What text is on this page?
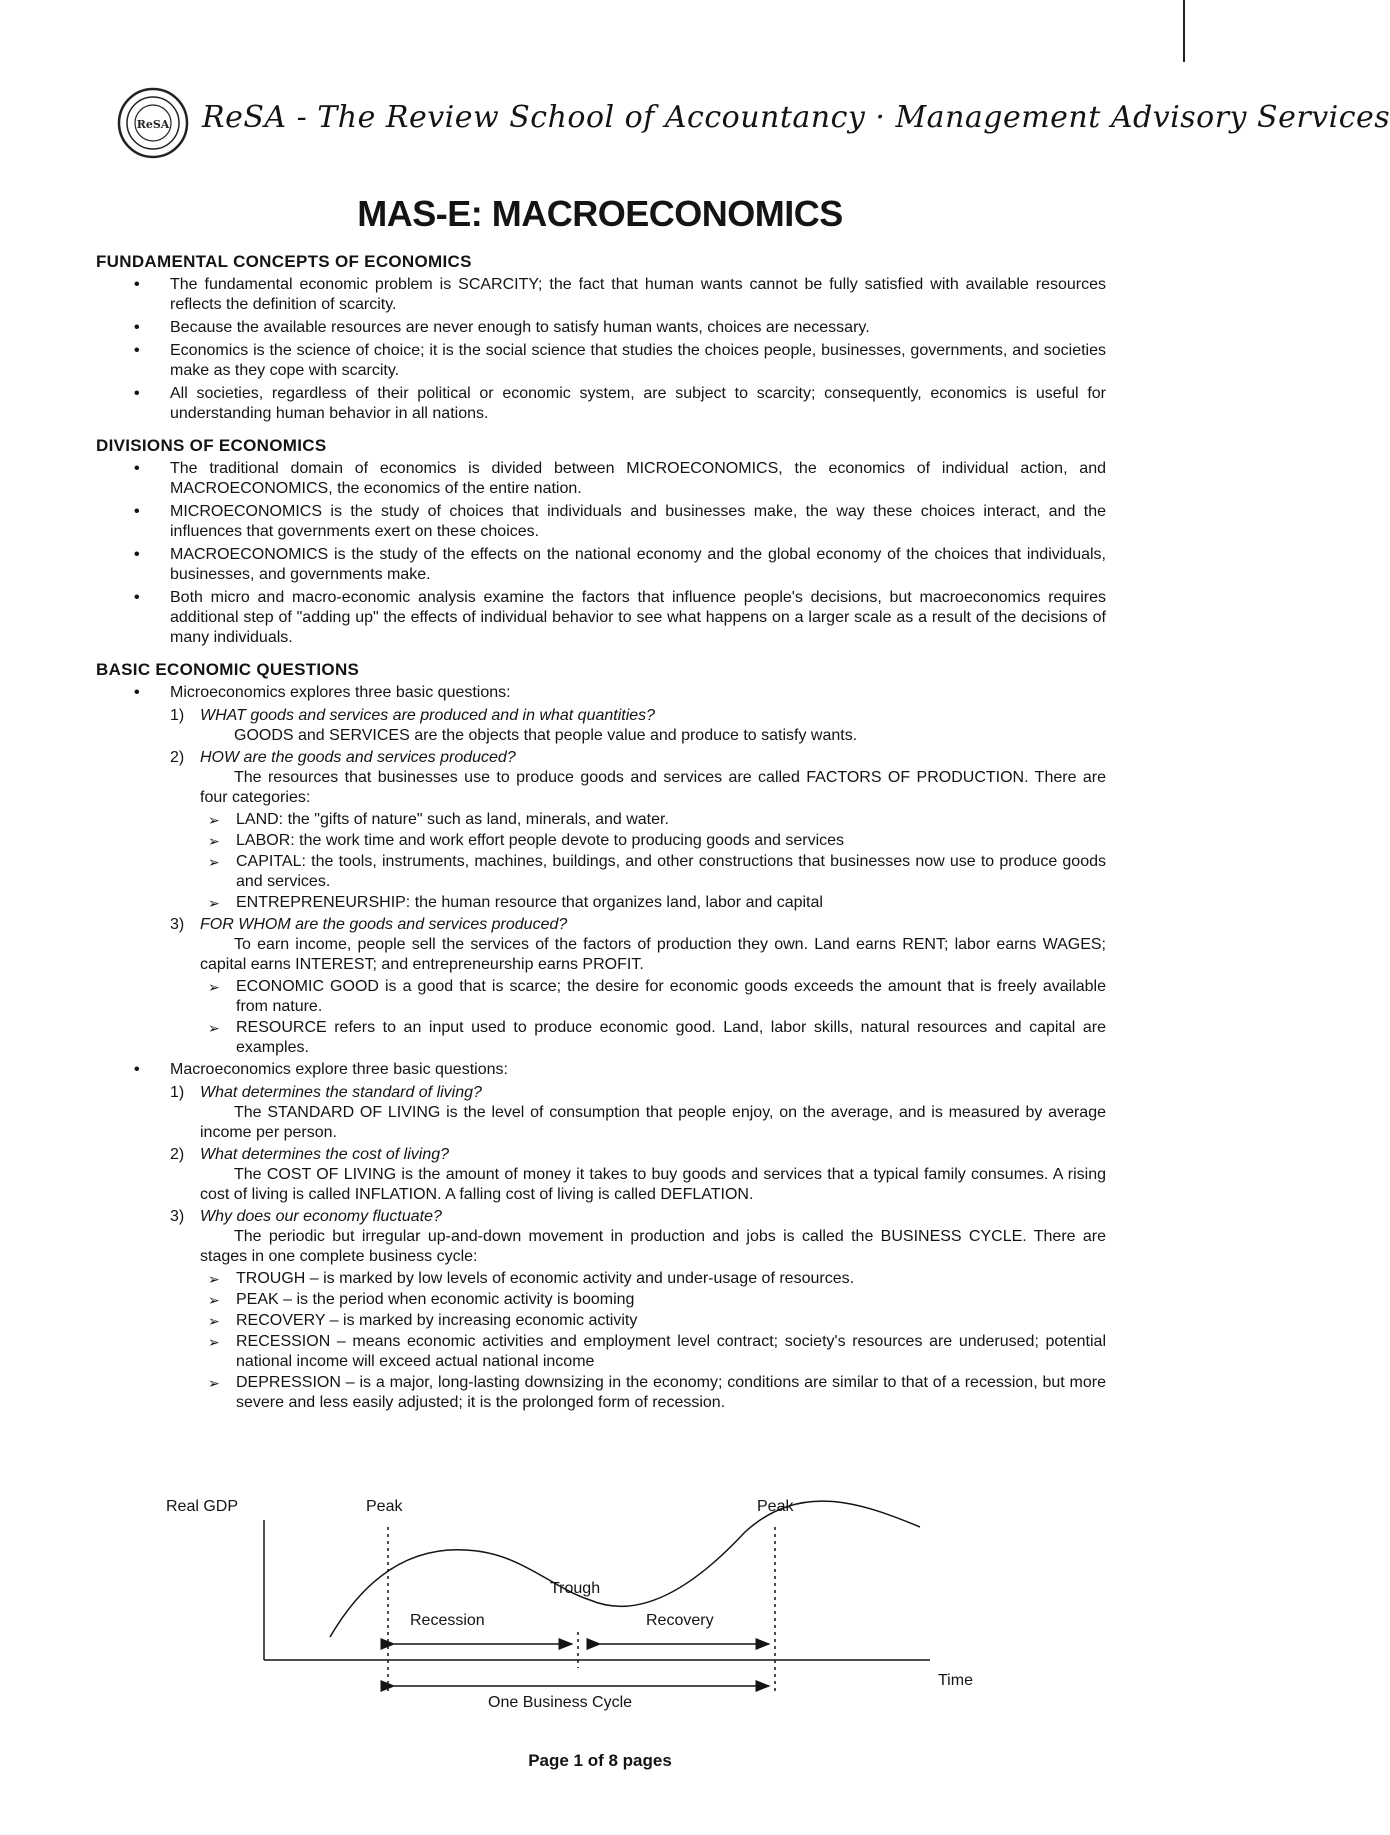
ReSA ReSA - The Review School of Accountancy · Management Advisory Services
MAS-E: MACROECONOMICS
FUNDAMENTAL CONCEPTS OF ECONOMICS
• The fundamental economic problem is SCARCITY; the fact that human wants cannot be fully satisfied with available resources reflects the definition of scarcity.
• Because the available resources are never enough to satisfy human wants, choices are necessary.
• Economics is the science of choice; it is the social science that studies the choices people, businesses, governments, and societies make as they cope with scarcity.
• All societies, regardless of their political or economic system, are subject to scarcity; consequently, economics is useful for understanding human behavior in all nations.
DIVISIONS OF ECONOMICS
• The traditional domain of economics is divided between MICROECONOMICS, the economics of individual action, and MACROECONOMICS, the economics of the entire nation.
• MICROECONOMICS is the study of choices that individuals and businesses make, the way these choices interact, and the influences that governments exert on these choices.
• MACROECONOMICS is the study of the effects on the national economy and the global economy of the choices that individuals, businesses, and governments make.
• Both micro and macro-economic analysis examine the factors that influence people's decisions, but macroeconomics requires additional step of "adding up" the effects of individual behavior to see what happens on a larger scale as a result of the decisions of many individuals.
BASIC ECONOMIC QUESTIONS
• Microeconomics explores three basic questions:
1) WHAT goods and services are produced and in what quantities?

GOODS and SERVICES are the objects that people value and produce to satisfy wants.

2) HOW are the goods and services produced?

The resources that businesses use to produce goods and services are called FACTORS OF PRODUCTION. There are four categories:

➢ LAND: the "gifts of nature" such as land, minerals, and water.
➢ LABOR: the work time and work effort people devote to producing goods and services
➢ CAPITAL: the tools, instruments, machines, buildings, and other constructions that businesses now use to produce goods and services.
➢ ENTREPRENEURSHIP: the human resource that organizes land, labor and capital
3) FOR WHOM are the goods and services produced?

To earn income, people sell the services of the factors of production they own. Land earns RENT; labor earns WAGES; capital earns INTEREST; and entrepreneurship earns PROFIT.

➢ ECONOMIC GOOD is a good that is scarce; the desire for economic goods exceeds the amount that is freely available from nature.
➢ RESOURCE refers to an input used to produce economic good. Land, labor skills, natural resources and capital are examples.
• Macroeconomics explore three basic questions:
1) What determines the standard of living?

The STANDARD OF LIVING is the level of consumption that people enjoy, on the average, and is measured by average income per person.

2) What determines the cost of living?

The COST OF LIVING is the amount of money it takes to buy goods and services that a typical family consumes. A rising cost of living is called INFLATION. A falling cost of living is called DEFLATION.

3) Why does our economy fluctuate?

The periodic but irregular up-and-down movement in production and jobs is called the BUSINESS CYCLE. There are stages in one complete business cycle:

➢ TROUGH – is marked by low levels of economic activity and under-usage of resources.
➢ PEAK – is the period when economic activity is booming
➢ RECOVERY – is marked by increasing economic activity
➢ RECESSION – means economic activities and employment level contract; society's resources are underused; potential national income will exceed actual national income
➢ DEPRESSION – is a major, long-lasting downsizing in the economy; conditions are similar to that of a recession, but more severe and less easily adjusted; it is the prolonged form of recession.
Real GDP	Peak	Peak
Trough
Recession	Recovery
Time
One Business Cycle
Page 1 of 8 pages
